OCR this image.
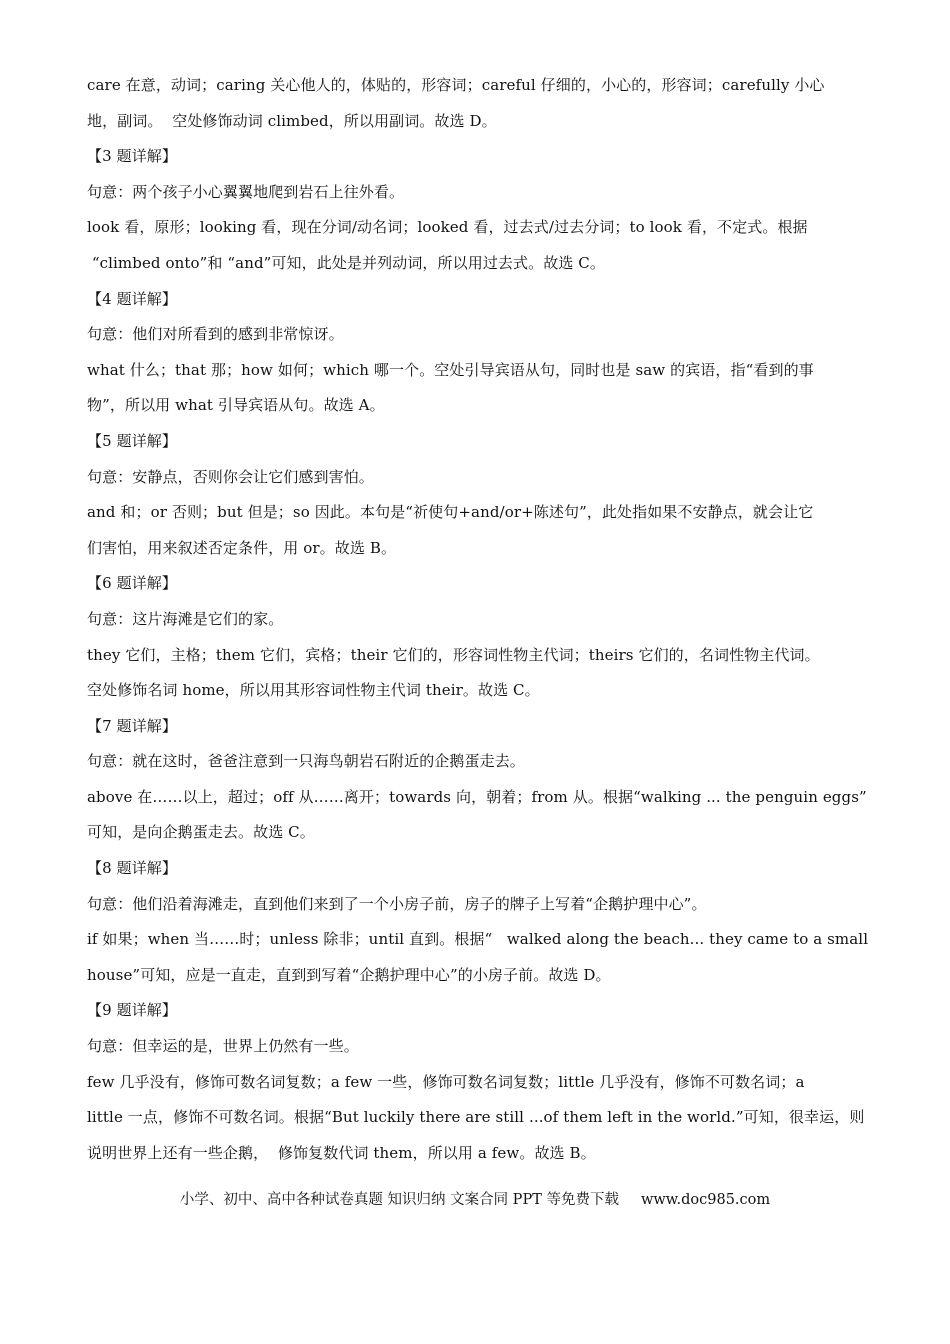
care 在意，动词；caring 关心他人的，体贴的，形容词；careful 仔细的，小心的，形容词；carefully 小心
地，副词。  空处修饰动词 climbed，所以用副词。故选 D。
【3 题详解】
句意：两个孩子小心翼翼地爬到岩石上往外看。
look 看，原形；looking 看，现在分词/动名词；looked 看，过去式/过去分词；to look 看，不定式。根据
“climbed onto”和 “and”可知，此处是并列动词，所以用过去式。故选 C。
【4 题详解】
句意：他们对所看到的感到非常惊讶。
what 什么；that 那；how 如何；which 哪一个。空处引导宾语从句，同时也是 saw 的宾语，指“看到的事
物”，所以用 what 引导宾语从句。故选 A。
【5 题详解】
句意：安静点，否则你会让它们感到害怕。
and 和；or 否则；but 但是；so 因此。本句是“祈使句+and/or+陈述句”，此处指如果不安静点，就会让它
们害怕，用来叙述否定条件，用 or。故选 B。
【6 题详解】
句意：这片海滩是它们的家。
they 它们，主格；them 它们，宾格；their 它们的，形容词性物主代词；theirs 它们的，名词性物主代词。
空处修饰名词 home，所以用其形容词性物主代词 their。故选 C。
【7 题详解】
句意：就在这时，爸爸注意到一只海鸟朝岩石附近的企鹅蛋走去。
above 在……以上，超过；off 从……离开；towards 向，朝着；from 从。根据“walking ... the penguin eggs”
可知，是向企鹅蛋走去。故选 C。
【8 题详解】
句意：他们沿着海滩走，直到他们来到了一个小房子前，房子的牌子上写着“企鹅护理中心”。
if 如果；when 当……时；unless 除非；until 直到。根据“   walked along the beach... they came to a small
house”可知，应是一直走，直到到写着“企鹅护理中心”的小房子前。故选 D。
【9 题详解】
句意：但幸运的是，世界上仍然有一些。
few 几乎没有，修饰可数名词复数；a few 一些，修饰可数名词复数；little 几乎没有，修饰不可数名词；a
little 一点，修饰不可数名词。根据“But luckily there are still ...of them left in the world.”可知，很幸运，则
说明世界上还有一些企鹅，  修饰复数代词 them，所以用 a few。故选 B。
小学、初中、高中各种试卷真题 知识归纳 文案合同 PPT 等免费下载 www.doc985.com
